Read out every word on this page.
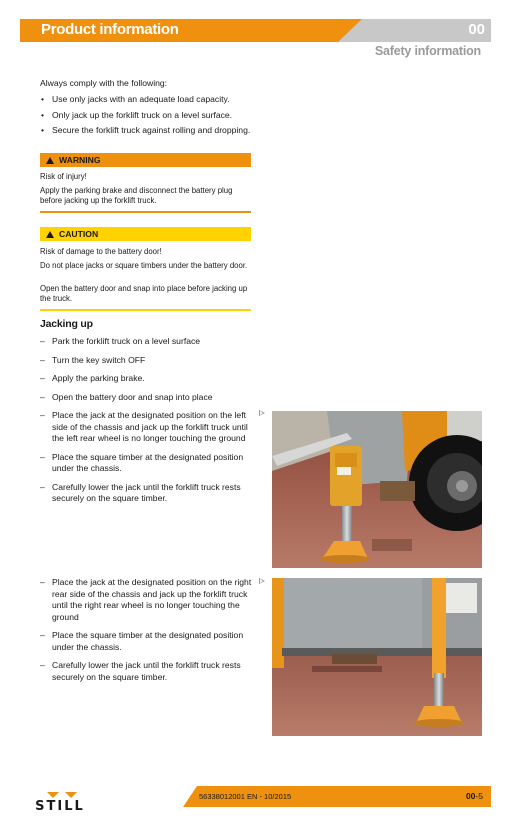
Product information	00
Safety information
Always comply with the following:
• Use only jacks with an adequate load capacity.
• Only jack up the forklift truck on a level surface.
• Secure the forklift truck against rolling and dropping.
WARNING
Risk of injury!
Apply the parking brake and disconnect the battery plug before jacking up the forklift truck.
CAUTION
Risk of damage to the battery door!
Do not place jacks or square timbers under the battery door.
Open the battery door and snap into place before jacking up the truck.
Jacking up
– Park the forklift truck on a level surface
– Turn the key switch OFF
– Apply the parking brake.
– Open the battery door and snap into place
– Place the jack at the designated position on the left side of the chassis and jack up the forklift truck until the left rear wheel is no longer touching the ground
– Place the square timber at the designated position under the chassis.
– Carefully lower the jack until the forklift truck rests securely on the square timber.
– Place the jack at the designated position on the right rear side of the chassis and jack up the forklift truck until the right rear wheel is no longer touching the ground
– Place the square timber at the designated position under the chassis.
– Carefully lower the jack until the forklift truck rests securely on the square timber.
STILL
56338012001 EN - 10/2015	00-5
